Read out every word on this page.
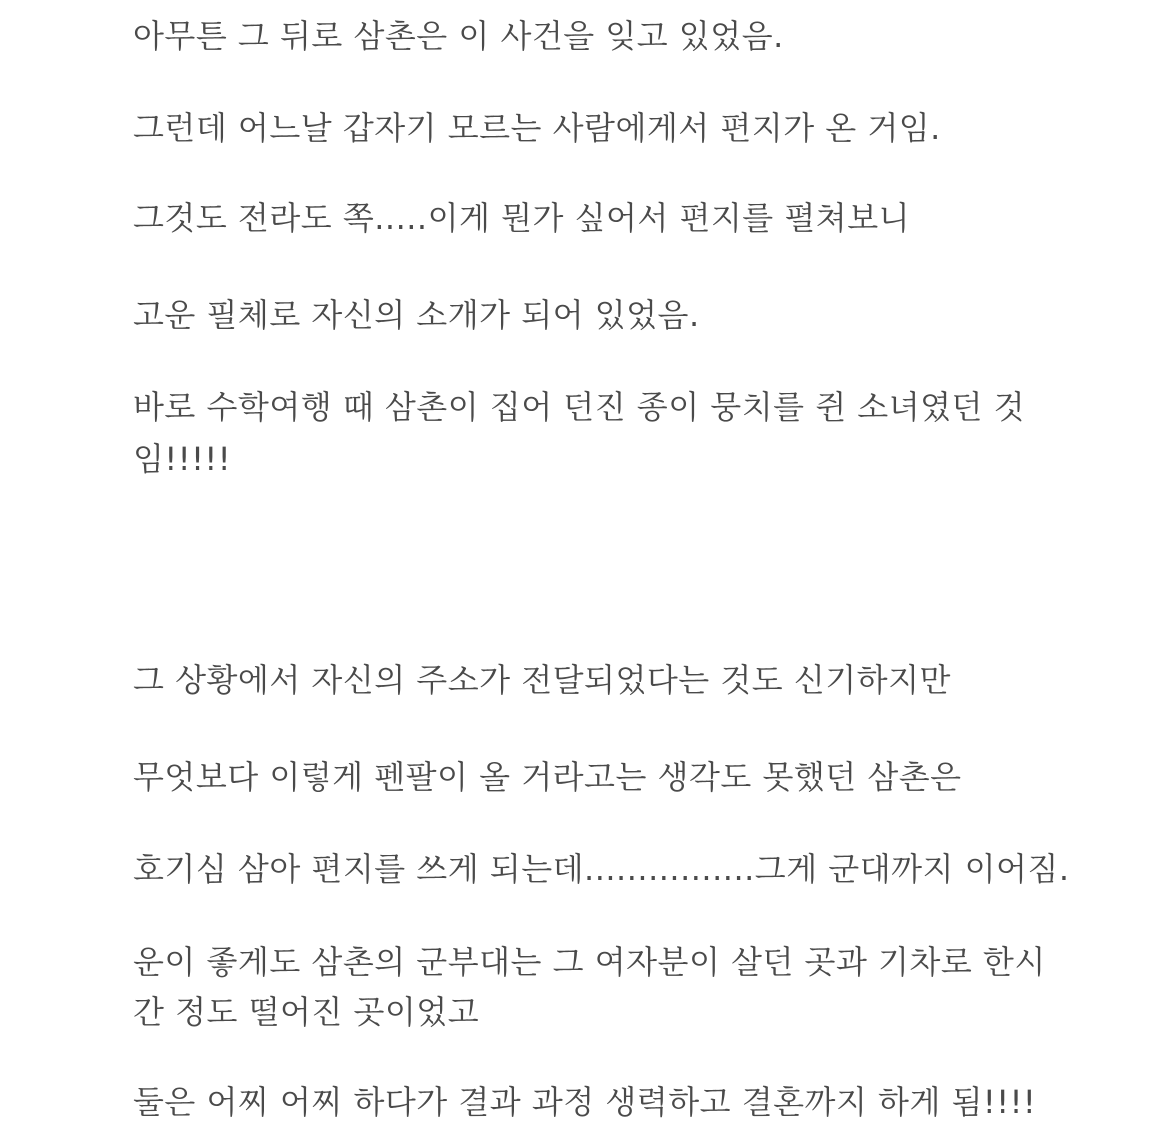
아무튼 그 뒤로 삼촌은 이 사건을 잊고 있었음.

그런데 어느날 갑자기 모르는 사람에게서 편지가 온 거임.

그것도 전라도 쪽.....이게 뭔가 싶어서 편지를 펼쳐보니

고운 필체로 자신의 소개가 되어 있었음.

바로 수학여행 때 삼촌이 집어 던진 종이 뭉치를 쥔 소녀였던 것

임!!!!!

그 상황에서 자신의 주소가 전달되었다는 것도 신기하지만

무엇보다 이렇게 펜팔이 올 거라고는 생각도 못했던 삼촌은

호기심 삼아 편지를 쓰게 되는데................그게 군대까지 이어짐.

운이 좋게도 삼촌의 군부대는 그 여자분이 살던 곳과 기차로 한시

간 정도 떨어진 곳이었고

둘은 어찌 어찌 하다가 결과 과정 생력하고 결혼까지 하게 됨!!!!
